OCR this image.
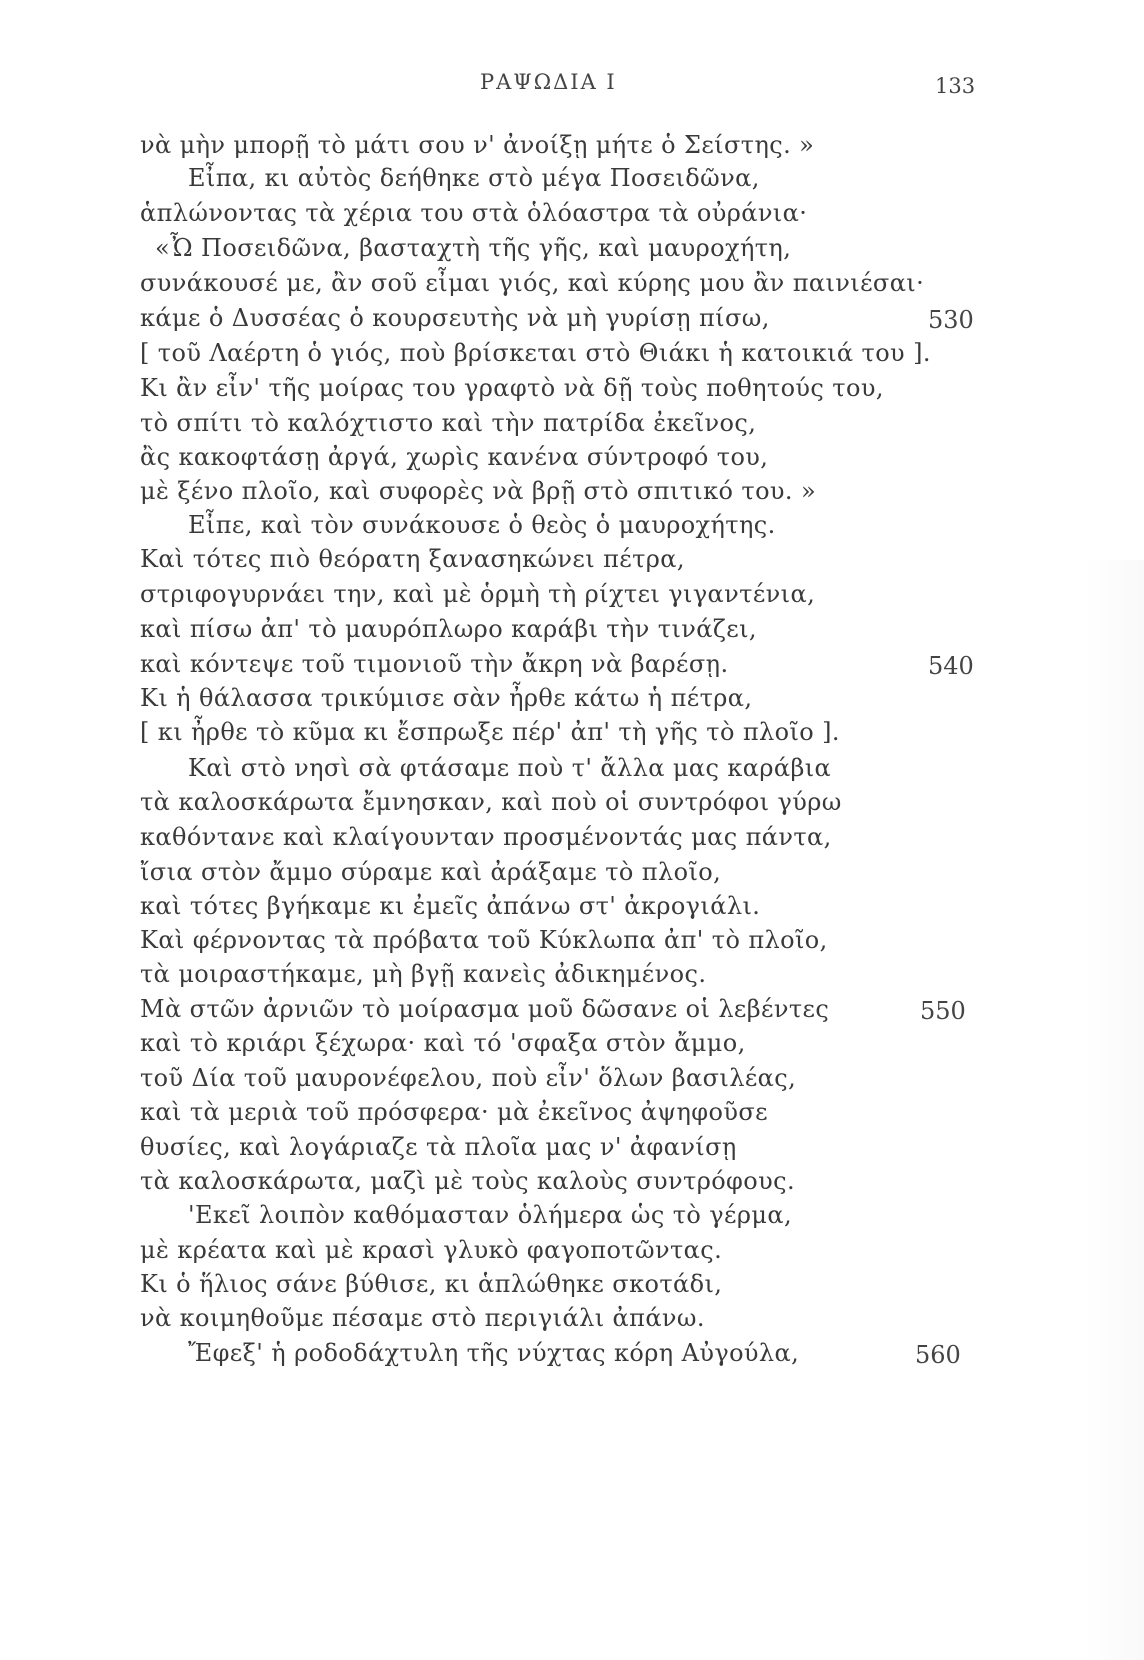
ΡΑΨΩΔΙΑ Ι	133
νὰ μὴν μπορῇ τὸ μάτι σου ν' ἀνοίξῃ μήτε ὁ Σείστης. »
Εἶπα, κι αὐτὸς δεήθηκε στὸ μέγα Ποσειδῶνα,
ἁπλώνοντας τὰ χέρια του στὰ ὁλόαστρα τὰ οὐράνια·
«Ὦ Ποσειδῶνα, βασταχτὴ τῆς γῆς, καὶ μαυροχήτη,
συνάκουσέ με, ἂν σοῦ εἶμαι γιός, καὶ κύρης μου ἂν παινιέσαι·
κάμε ὁ Δυσσέας ὁ κουρσευτὴς νὰ μὴ γυρίσῃ πίσω,	530
[ τοῦ Λαέρτη ὁ γιός, ποὺ βρίσκεται στὸ Θιάκι ἡ κατοικιά του ].
Κι ἂν εἶν' τῆς μοίρας του γραφτὸ νὰ δῇ τοὺς ποθητούς του,
τὸ σπίτι τὸ καλόχτιστο καὶ τὴν πατρίδα ἐκεῖνος,
ἂς κακοφτάσῃ ἀργά, χωρὶς κανένα σύντροφό του,
μὲ ξένο πλοῖο, καὶ συφορὲς νὰ βρῇ στὸ σπιτικό του. »
Εἶπε, καὶ τὸν συνάκουσε ὁ θεὸς ὁ μαυροχήτης.
Καὶ τότες πιὸ θεόρατη ξανασηκώνει πέτρα,
στριφογυρνάει την, καὶ μὲ ὁρμὴ τὴ ρίχτει γιγαντένια,
καὶ πίσω ἀπ' τὸ μαυρόπλωρο καράβι τὴν τινάζει,
καὶ κόντεψε τοῦ τιμονιοῦ τὴν ἄκρη νὰ βαρέσῃ.	540
Κι ἡ θάλασσα τρικύμισε σὰν ἦρθε κάτω ἡ πέτρα,
[ κι ἦρθε τὸ κῦμα κι ἔσπρωξε πέρ' ἀπ' τὴ γῆς τὸ πλοῖο ].
Καὶ στὸ νησὶ σὰ φτάσαμε ποὺ τ' ἄλλα μας καράβια
τὰ καλοσκάρωτα ἔμνησκαν, καὶ ποὺ οἱ συντρόφοι γύρω
καθόντανε καὶ κλαίγουνταν προσμένοντάς μας πάντα,
ἴσια στὸν ἄμμο σύραμε καὶ ἀράξαμε τὸ πλοῖο,
καὶ τότες βγήκαμε κι ἐμεῖς ἀπάνω στ' ἀκρογιάλι.
Καὶ φέρνοντας τὰ πρόβατα τοῦ Κύκλωπα ἀπ' τὸ πλοῖο,
τὰ μοιραστήκαμε, μὴ βγῇ κανεὶς ἀδικημένος.
Μὰ στῶν ἀρνιῶν τὸ μοίρασμα μοῦ δῶσανε οἱ λεβέντες	550
καὶ τὸ κριάρι ξέχωρα· καὶ τό 'σφαξα στὸν ἄμμο,
τοῦ Δία τοῦ μαυρονέφελου, ποὺ εἶν' ὅλων βασιλέας,
καὶ τὰ μεριὰ τοῦ πρόσφερα· μὰ ἐκεῖνος ἀψηφοῦσε
θυσίες, καὶ λογάριαζε τὰ πλοῖα μας ν' ἀφανίσῃ
τὰ καλοσκάρωτα, μαζὶ μὲ τοὺς καλοὺς συντρόφους.
'Εκεῖ λοιπὸν καθόμασταν ὁλήμερα ὡς τὸ γέρμα,
μὲ κρέατα καὶ μὲ κρασὶ γλυκὸ φαγοποτῶντας.
Κι ὁ ἥλιος σάνε βύθισε, κι ἁπλώθηκε σκοτάδι,
νὰ κοιμηθοῦμε πέσαμε στὸ περιγιάλι ἀπάνω.
Ἔφεξ' ἡ ροδοδάχτυλη τῆς νύχτας κόρη Αὐγούλα,	560
